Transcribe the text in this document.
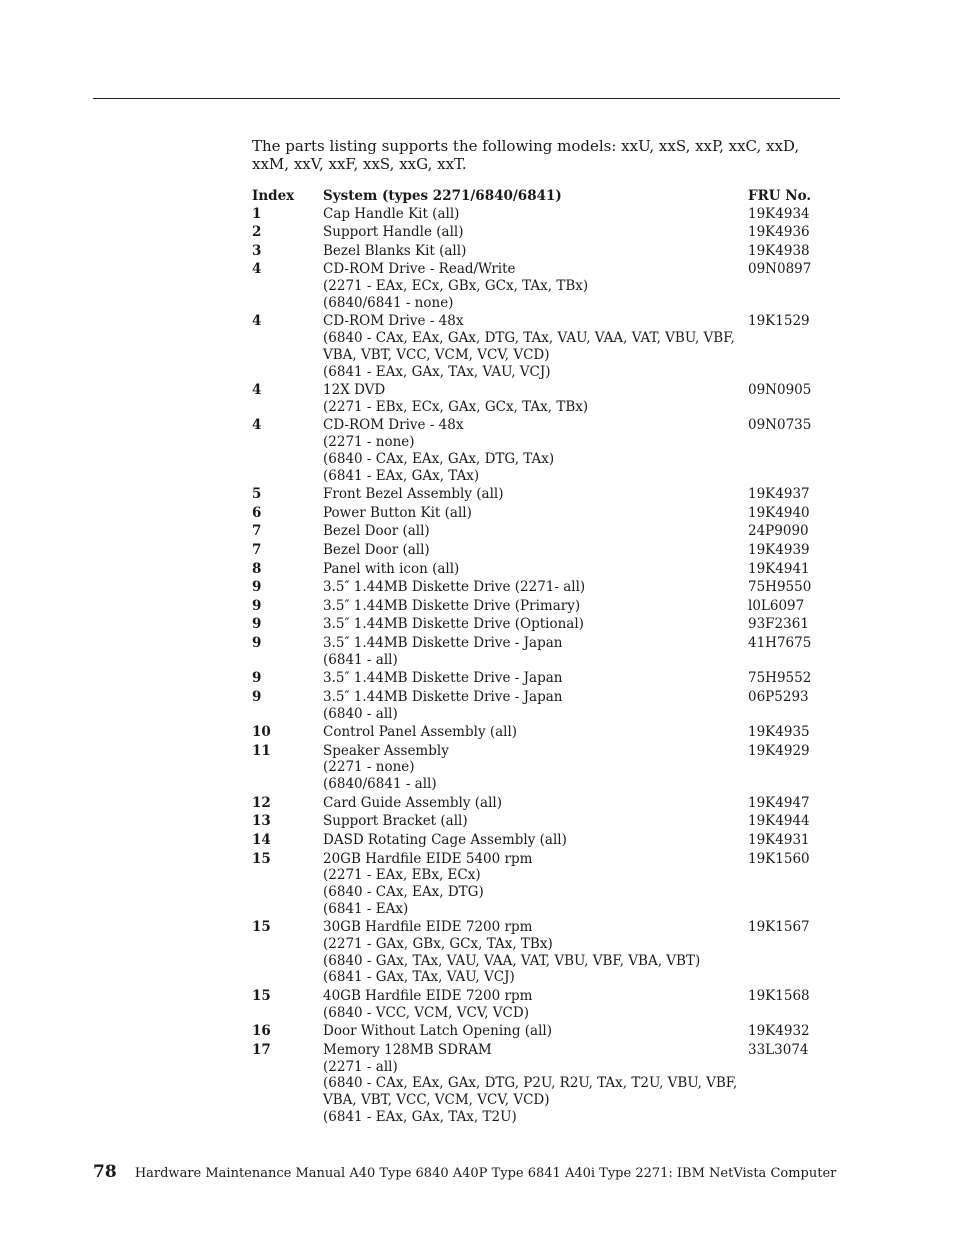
The parts listing supports the following models: xxU, xxS, xxP, xxC, xxD, xxM, xxV, xxF, xxS, xxG, xxT.

Index	System (types 2271/6840/6841)	FRU No.
1	Cap Handle Kit (all)	19K4934
2	Support Handle (all)	19K4936
3	Bezel Blanks Kit (all)	19K4938
4	CD-ROM Drive - Read/Write
(2271 - EAx, ECx, GBx, GCx, TAx, TBx)
(6840/6841 - none)	09N0897
4	CD-ROM Drive - 48x
(6840 - CAx, EAx, GAx, DTG, TAx, VAU, VAA, VAT, VBU, VBF,
VBA, VBT, VCC, VCM, VCV, VCD)
(6841 - EAx, GAx, TAx, VAU, VCJ)	19K1529
4	12X DVD
(2271 - EBx, ECx, GAx, GCx, TAx, TBx)	09N0905
4	CD-ROM Drive - 48x
(2271 - none)
(6840 - CAx, EAx, GAx, DTG, TAx)
(6841 - EAx, GAx, TAx)	09N0735
5	Front Bezel Assembly (all)	19K4937
6	Power Button Kit (all)	19K4940
7	Bezel Door (all)	24P9090
7	Bezel Door (all)	19K4939
8	Panel with icon (all)	19K4941
9	3.5″ 1.44MB Diskette Drive (2271- all)	75H9550
9	3.5″ 1.44MB Diskette Drive (Primary)	l0L6097
9	3.5″ 1.44MB Diskette Drive (Optional)	93F2361
9	3.5″ 1.44MB Diskette Drive - Japan
(6841 - all)	41H7675
9	3.5″ 1.44MB Diskette Drive - Japan	75H9552
9	3.5″ 1.44MB Diskette Drive - Japan
(6840 - all)	06P5293
10	Control Panel Assembly (all)	19K4935
11	Speaker Assembly
(2271 - none)
(6840/6841 - all)	19K4929
12	Card Guide Assembly (all)	19K4947
13	Support Bracket (all)	19K4944
14	DASD Rotating Cage Assembly (all)	19K4931
15	20GB Hardfile EIDE 5400 rpm
(2271 - EAx, EBx, ECx)
(6840 - CAx, EAx, DTG)
(6841 - EAx)	19K1560
15	30GB Hardfile EIDE 7200 rpm
(2271 - GAx, GBx, GCx, TAx, TBx)
(6840 - GAx, TAx, VAU, VAA, VAT, VBU, VBF, VBA, VBT)
(6841 - GAx, TAx, VAU, VCJ)	19K1567
15	40GB Hardfile EIDE 7200 rpm
(6840 - VCC, VCM, VCV, VCD)	19K1568
16	Door Without Latch Opening (all)	19K4932
17	Memory 128MB SDRAM
(2271 - all)
(6840 - CAx, EAx, GAx, DTG, P2U, R2U, TAx, T2U, VBU, VBF,
VBA, VBT, VCC, VCM, VCV, VCD)
(6841 - EAx, GAx, TAx, T2U)	33L3074
78 Hardware Maintenance Manual A40 Type 6840 A40P Type 6841 A40i Type 2271: IBM NetVista Computer
